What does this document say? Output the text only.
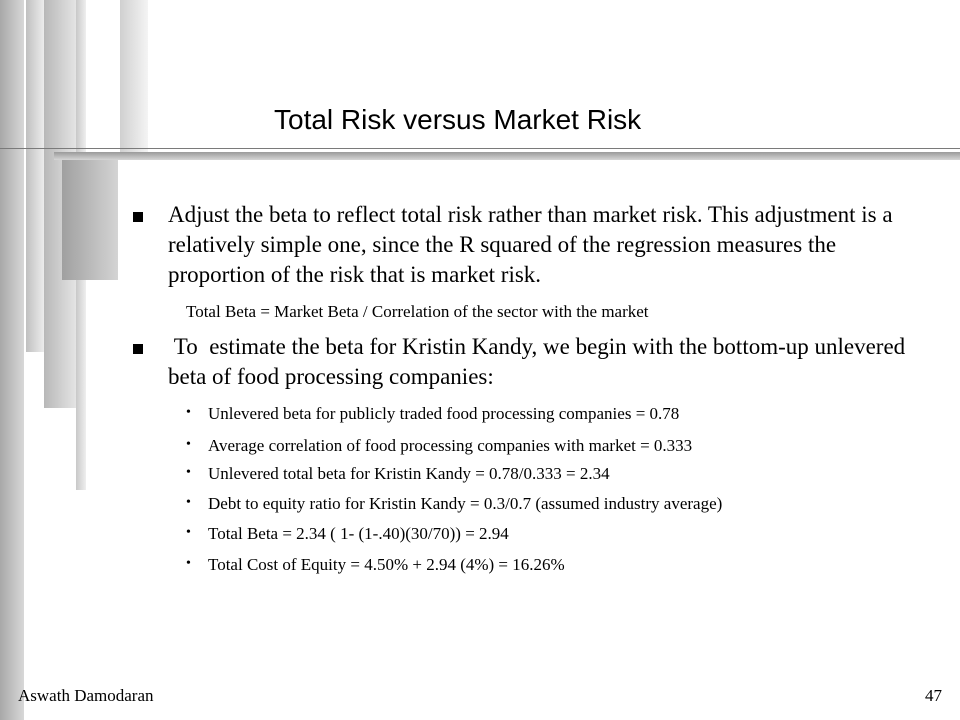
Total Risk versus Market Risk
Adjust the beta to reflect total risk rather than market risk. This adjustment is a relatively simple one, since the R squared of the regression measures the proportion of the risk that is market risk.
Total Beta = Market Beta / Correlation of the sector with the market
To  estimate the beta for Kristin Kandy, we begin with the bottom-up unlevered beta of food processing companies:
• Unlevered beta for publicly traded food processing companies = 0.78
• Average correlation of food processing companies with market = 0.333
• Unlevered total beta for Kristin Kandy = 0.78/0.333 = 2.34
• Debt to equity ratio for Kristin Kandy = 0.3/0.7 (assumed industry average)
• Total Beta = 2.34 ( 1- (1-.40)(30/70)) = 2.94
• Total Cost of Equity = 4.50% + 2.94 (4%) = 16.26%
Aswath Damodaran	47
